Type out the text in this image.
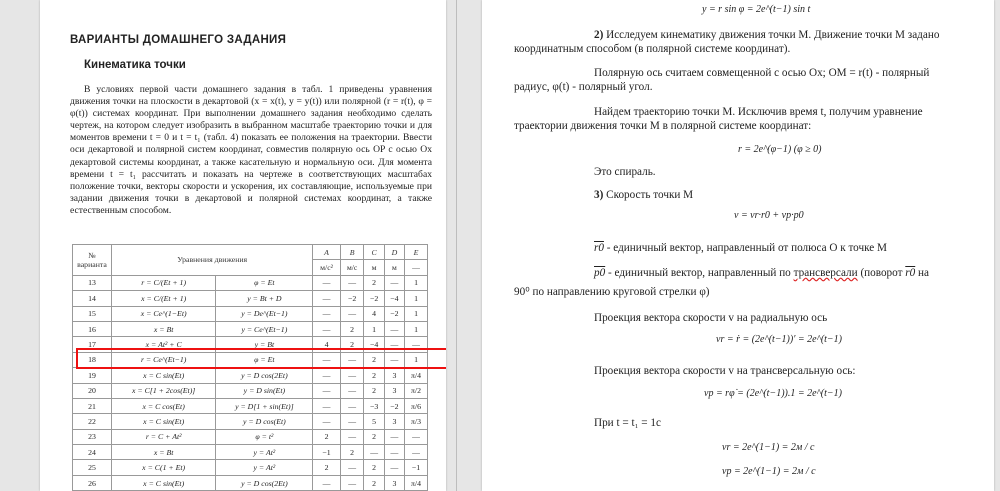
ВАРИАНТЫ ДОМАШНЕГО ЗАДАНИЯ
Кинематика точки

В условиях первой части домашнего задания в табл. 1 приведены уравнения движения точки на плоскости в декартовой (x = x(t), y = y(t)) или полярной (r = r(t), φ = φ(t)) системах координат. При выполнении домашнего задания необходимо сделать чертеж, на котором следует изобразить в выбранном масштабе траекторию точки и для моментов времени t = 0 и t = t₁ (табл. 4) показать ее положения на траектории. Ввести оси декартовой и полярной систем координат, совместив полярную ось OP с осью Ox декартовой системы координат, а также касательную и нормальную оси. Для момента времени t = t₁ рассчитать и показать на чертеже в соответствующих масштабах положение точки, векторы скорости и ускорения, их составляющие, используемые при задании движения точки в декартовой и полярной системах координат, а также естественным способом.

№ варианта	Уравнения движения		A	B	C	D	E
			м/с²	м/с	м	м	—
13	r = C/(Et + 1)	φ = Et	—	—	2	—	1
14	x = C/(Et + 1)	y = Bt + D	—	−2	−2	−4	1
15	x = Ce^(1−Et)	y = De^(Et−1)	—	—	4	−2	1
16	x = Bt	y = Ce^(Et−1)	—	2	1	—	1
17	x = At² + C	y = Bt	4	2	−4	—	—
18	r = Ce^(Et−1)	φ = Et	—	—	2	—	1
19	x = C sin(Et)	y = D cos(2Et)	—	—	2	3	π/4
20	x = C[1 + 2cos(Et)]	y = D sin(Et)	—	—	2	3	π/2
21	x = C cos(Et)	y = D[1 + sin(Et)]	—	—	−3	−2	π/6
22	x = C sin(Et)	y = D cos(Et)	—	—	5	3	π/3
23	r = C + At²	φ = t²	2	—	2	—	—
24	x = Bt	y = At²	−1	2	—	—	—
25	x = C(1 + Et)	y = At²	2	—	2	—	−1
26	x = C sin(Et)	y = D cos(2Et)	—	—	2	3	π/4
y = r sin φ = 2e^(t−1) sin t
2) Исследуем кинематику движения точки М. Движение точки М задано координатным способом (в полярной системе координат).
Полярную ось считаем совмещенной с осью Ox; OM = r(t) - полярный радиус, φ(t) - полярный угол.
Найдем траекторию точки М. Исключив время t, получим уравнение траектории движения точки М в полярной системе координат:
r = 2e^(φ−1) (φ ≥ 0)
Это спираль.
3) Скорость точки М
v = vr·r0 + vp·p0
r0 - единичный вектор, направленный от полюса О к точке М
p0 - единичный вектор, направленный по трансверсали (поворот r0 на
90⁰ по направлению круговой стрелки φ)
Проекция вектора скорости v на радиальную ось
vr = ṙ = (2e^(t−1))′ = 2e^(t−1)
Проекция вектора скорости v на трансверсальную ось:
vp = rφ̇ = (2e^(t−1)).1 = 2e^(t−1)
При t = t₁ = 1c
vr = 2e^(1−1) = 2м / c
vp = 2e^(1−1) = 2м / c
